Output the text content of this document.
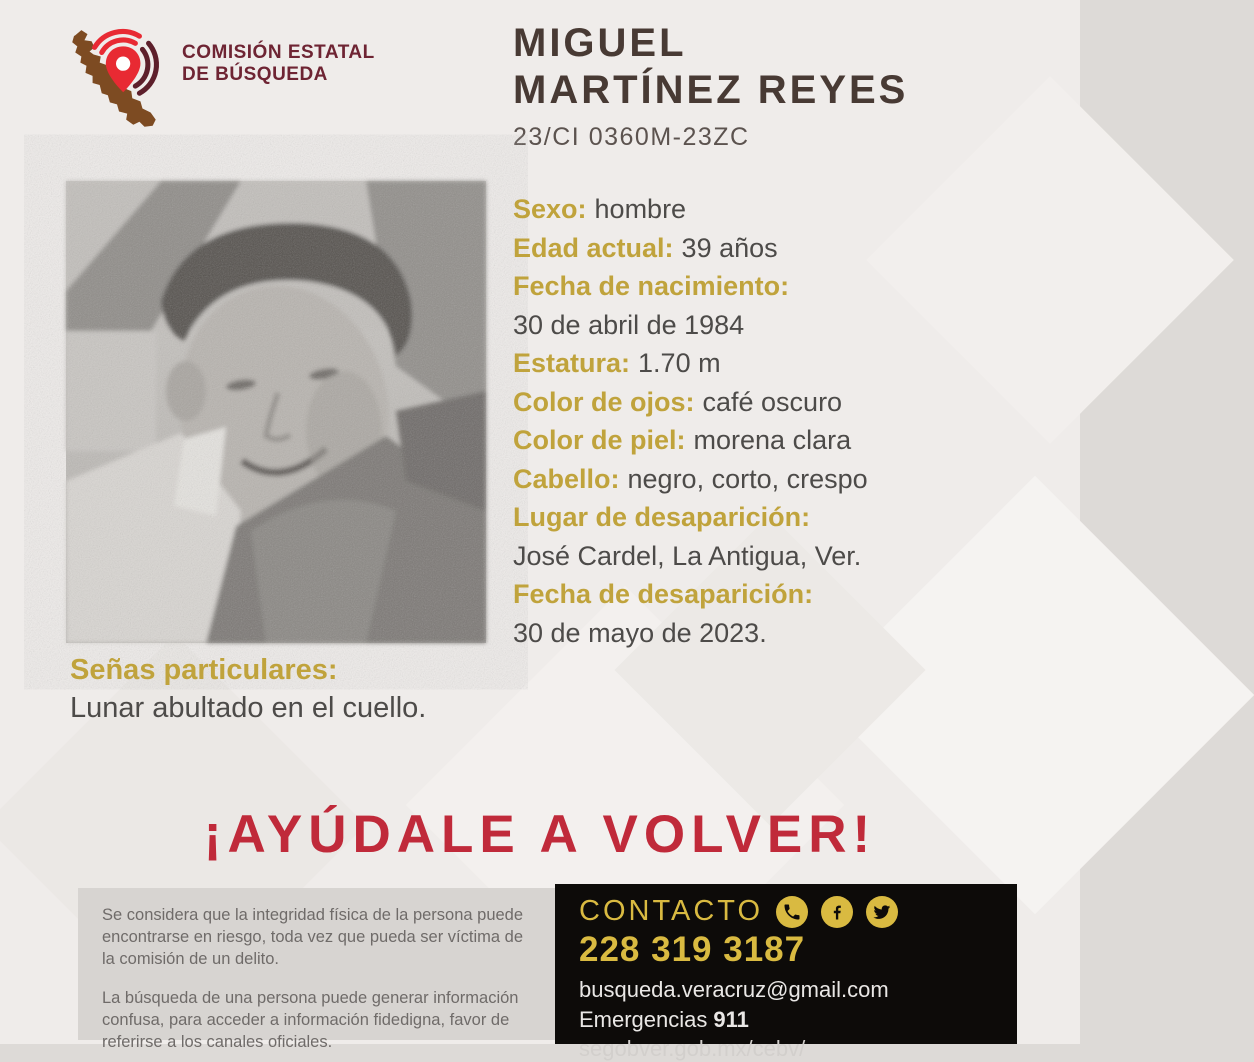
COMISIÓN ESTATAL
DE BÚSQUEDA
MIGUEL
MARTÍNEZ REYES
23/CI 0360M-23ZC
Sexo: hombre
Edad actual: 39 años
Fecha de nacimiento:
30 de abril de 1984
Estatura: 1.70 m
Color de ojos: café oscuro
Color de piel: morena clara
Cabello: negro, corto, crespo
Lugar de desaparición:
José Cardel, La Antigua, Ver.
Fecha de desaparición:
30 de mayo de 2023.
Señas particulares:
Lunar abultado en el cuello.
¡AYÚDALE A VOLVER!

Se considera que la integridad física de la persona puede encontrarse en riesgo, toda vez que pueda ser víctima de la comisión de un delito.

La búsqueda de una persona puede generar información confusa, para acceder a información fidedigna, favor de referirse a los canales oficiales.

CONTACTO
228 319 3187
busqueda.veracruz@gmail.com
Emergencias 911
segobver.gob.mx/cebv/
